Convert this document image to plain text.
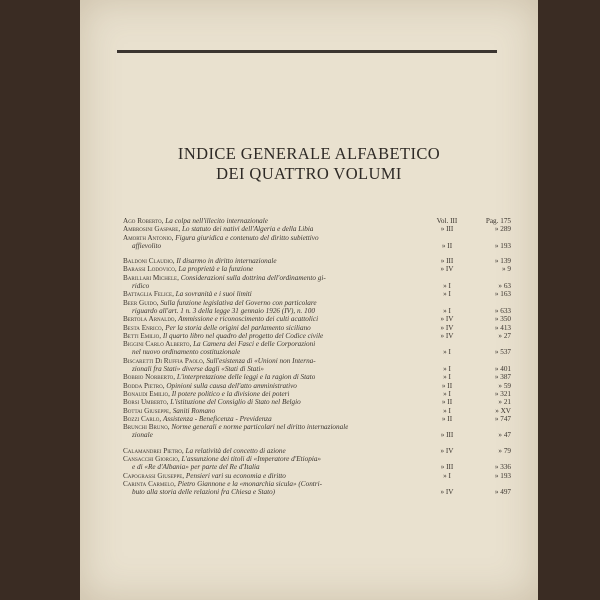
INDICE GENERALE ALFABETICO
DEI QUATTRO VOLUMI
Ago Roberto, La colpa nell'illecito internazionale	Vol. III	Pag. 175
Ambrosini Gaspare, Lo statuto dei nativi dell'Algeria e della Libia	» III	» 289
Amorth Antonio, Figura giuridica e contenuto del diritto subiettivo
affievolito	» II	» 193
Baldoni Claudio, Il disarmo in diritto internazionale	» III	» 139
Barassi Lodovico, La proprietà e la funzione	» IV	» 9
Barillari Michele, Considerazioni sulla dottrina dell'ordinamento gi-
ridico	» I	» 63
Battaglia Felice, La sovranità e i suoi limiti	» I	» 163
Beer Guido, Sulla funzione legislativa del Governo con particolare
riguardo all'art. 1 n. 3 della legge 31 gennaio 1926 (IV), n. 100	» I	» 633
Bertola Arnaldo, Ammissione e riconoscimento dei culti acattolici	» IV	» 350
Besta Enrico, Per la storia delle origini del parlamento siciliano	» IV	» 413
Betti Emilio, Il quarto libro nel quadro del progetto del Codice civile	» IV	» 27
Biggini Carlo Alberto, La Camera dei Fasci e delle Corporazioni
nel nuovo ordinamento costituzionale	» I	» 537
Biscaretti Di Ruffia Paolo, Sull'esistenza di «Unioni non Interna-
zionali fra Stati» diverse dagli «Stati di Stati»	» I	» 401
Bobbio Norberto, L'interpretazione delle leggi e la ragion di Stato	» I	» 387
Bodda Pietro, Opinioni sulla causa dell'atto amministrativo	» II	» 59
Bonaudi Emilio, Il potere politico e la divisione dei poteri	» I	» 321
Borsi Umberto, L'istituzione del Consiglio di Stato nel Belgio	» II	» 21
Bottai Giuseppe, Saniti Romano	» I	» XV
Bozzi Carlo, Assistenza - Beneficenza - Previdenza	» II	» 747
Brunchi Bruno, Norme generali e norme particolari nel diritto internazionale
zionale	» III	» 47
Calamandrei Pietro, La relatività del concetto di azione	» IV	» 79
Cansacchi Giorgio, L'assunzione dei titoli di «Imperatore d'Etiopia»
e di «Re d'Albania» per parte del Re d'Italia	» III	» 336
Capograssi Giuseppe, Pensieri vari su economia e diritto	» I	» 193
Carinta Carmelo, Pietro Giannone e la «monarchia sicula» (Contri-
buto alla storia delle relazioni fra Chiesa e Stato)	» IV	» 497
